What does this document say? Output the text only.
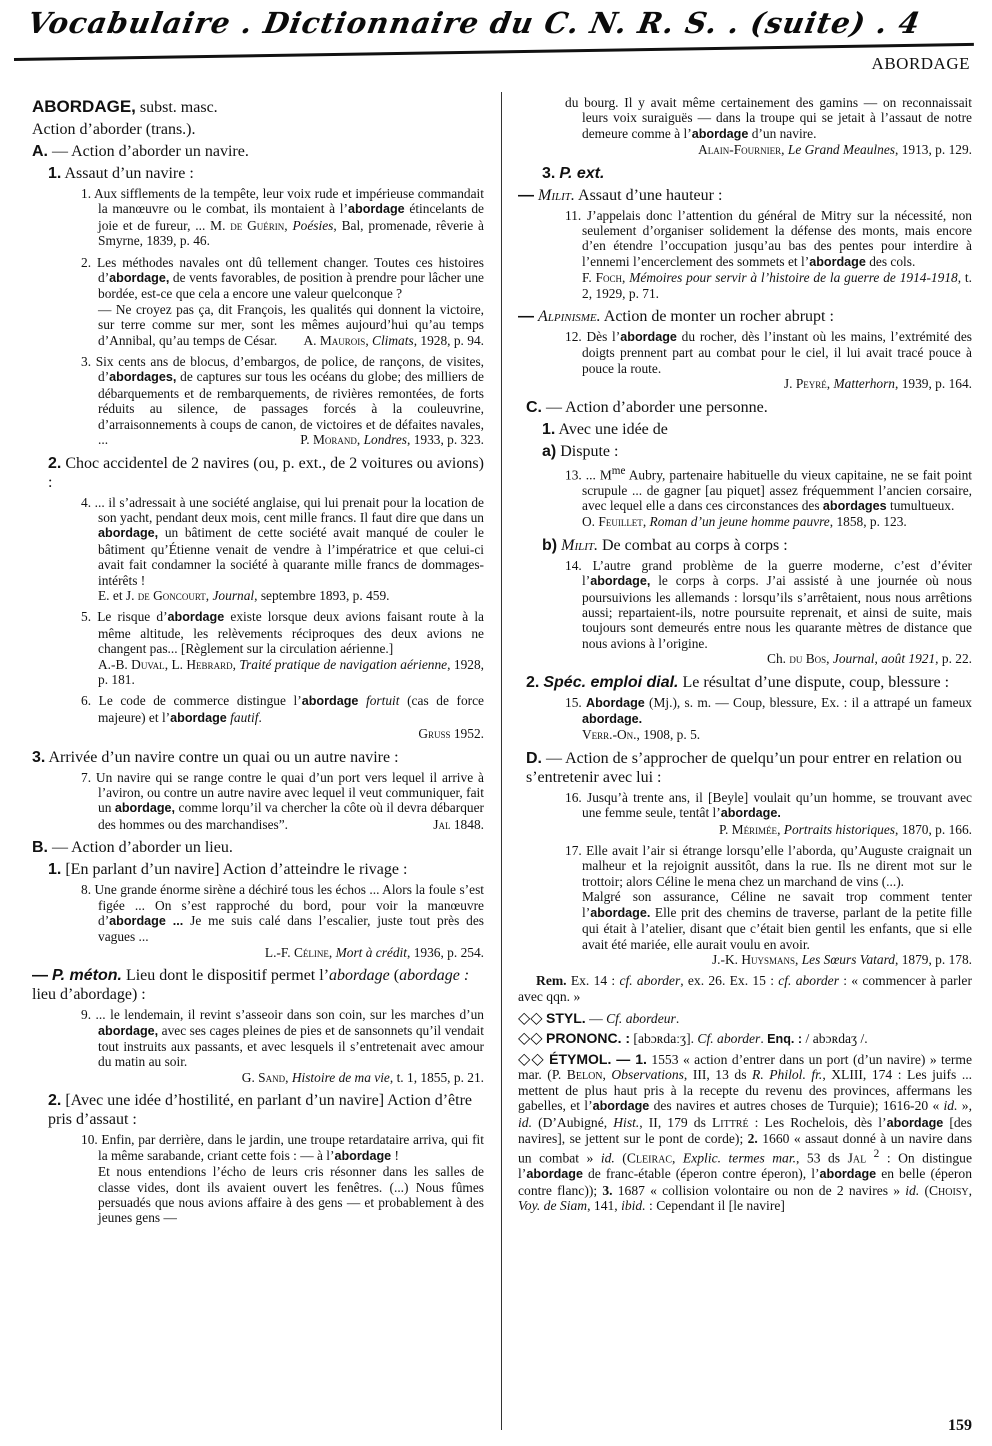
Vocabulaire . Dictionnaire du C. N. R. S. . (suite) . 4
ABORDAGE
ABORDAGE, subst. masc.
Action d’aborder (trans.).
A. — Action d’aborder un navire.
1. Assaut d’un navire :
1. Aux sifflements de la tempête, leur voix rude et impérieuse commandait la manœuvre ou le combat, ils montaient à l’abordage étincelants de joie et de fureur, ... M. de Guérin, Poésies, Bal, promenade, rêverie à Smyrne, 1839, p. 46.
2. Les méthodes navales ont dû tellement changer. Toutes ces histoires d’abordage, de vents favorables, de position à prendre pour lâcher une bordée, est-ce que cela a encore une valeur quelconque ?
— Ne croyez pas ça, dit François, les qualités qui donnent la victoire, sur terre comme sur mer, sont les mêmes aujourd’hui qu’au temps d’Annibal, qu’au temps de César. A. Maurois, Climats, 1928, p. 94.
3. Six cents ans de blocus, d’embargos, de police, de rançons, de visites, d’abordages, de captures sur tous les océans du globe; des milliers de débarquements et de rembarquements, de rivières remontées, de forts réduits au silence, de passages forcés à la couleuvrine, d’arraisonnements à coups de canon, de victoires et de défaites navales, ...	P. Morand, Londres, 1933, p. 323.
2. Choc accidentel de 2 navires (ou, p. ext., de 2 voitures ou avions) :
4. ... il s’adressait à une société anglaise, qui lui prenait pour la location de son yacht, pendant deux mois, cent mille francs. Il faut dire que dans un abordage, un bâtiment de cette société avait manqué de couler le bâtiment qu’Étienne venait de vendre à l’impératrice et que celui-ci avait fait condamner la société à quarante mille francs de dommages-intérêts !
E. et J. de Goncourt, Journal, septembre 1893, p. 459.
5. Le risque d’abordage existe lorsque deux avions faisant route à la même altitude, les relèvements réciproques des deux avions ne changent pas... [Règlement sur la circulation aérienne.]
A.-B. Duval, L. Hebrard, Traité pratique de navigation aérienne, 1928, p. 181.
6. Le code de commerce distingue l’abordage fortuit (cas de force majeure) et l’abordage fautif.
Gruss 1952.
3. Arrivée d’un navire contre un quai ou un autre navire :
7. Un navire qui se range contre le quai d’un port vers lequel il arrive à l’aviron, ou contre un autre navire avec lequel il veut communiquer, fait un abordage, comme lorqu’il va chercher la côte où il devra débarquer des hommes ou des marchandises”.	Jal 1848.
B. — Action d’aborder un lieu.
1. [En parlant d’un navire] Action d’atteindre le rivage :
8. Une grande énorme sirène a déchiré tous les échos ... Alors la foule s’est figée ... On s’est rapproché du bord, pour voir la manœuvre d’abordage ... Je me suis calé dans l’escalier, juste tout près des vagues ...
L.-F. Céline, Mort à crédit, 1936, p. 254.
— P. méton. Lieu dont le dispositif permet l’abordage (abordage : lieu d’abordage) :
9. ... le lendemain, il revint s’asseoir dans son coin, sur les marches d’un abordage, avec ses cages pleines de pies et de sansonnets qu’il vendait tout instruits aux passants, et avec lesquels il s’entretenait avec amour du matin au soir.
G. Sand, Histoire de ma vie, t. 1, 1855, p. 21.
2. [Avec une idée d’hostilité, en parlant d’un navire] Action d’être pris d’assaut :
10. Enfin, par derrière, dans le jardin, une troupe retardataire arriva, qui fit la même sarabande, criant cette fois : — à l’abordage !
Et nous entendions l’écho de leurs cris résonner dans les salles de classe vides, dont ils avaient ouvert les fenêtres. (...) Nous fûmes persuadés que nous avions affaire à des gens — et probablement à des jeunes gens —
du bourg. Il y avait même certainement des gamins — on reconnaissait leurs voix suraiguës — dans la troupe qui se jetait à l’assaut de notre demeure comme à l’abordage d’un navire.
Alain-Fournier, Le Grand Meaulnes, 1913, p. 129.
3. P. ext.
— Milit. Assaut d’une hauteur :
11. J’appelais donc l’attention du général de Mitry sur la nécessité, non seulement d’organiser solidement la défense des monts, mais encore d’en étendre l’occupation jusqu’au bas des pentes pour interdire à l’ennemi l’encerclement des sommets et l’abordage des cols.
F. Foch, Mémoires pour servir à l’histoire de la guerre de 1914-1918, t. 2, 1929, p. 71.
— Alpinisme. Action de monter un rocher abrupt :
12. Dès l’abordage du rocher, dès l’instant où les mains, l’extrémité des doigts prennent part au combat pour le ciel, il lui avait tracé pouce à pouce la route.
J. Peyré, Matterhorn, 1939, p. 164.
C. — Action d’aborder une personne.
1. Avec une idée de
a) Dispute :
13. ... $M^{me}$ Aubry, partenaire habituelle du vieux capitaine, ne se fait point scrupule ... de gagner [au piquet] assez fréquemment l’ancien corsaire, avec lequel elle a dans ces circonstances des abordages tumultueux.
O. Feuillet, Roman d’un jeune homme pauvre, 1858, p. 123.
b) Milit. De combat au corps à corps :
14. L’autre grand problème de la guerre moderne, c’est d’éviter l’abordage, le corps à corps. J’ai assisté à une journée où nous poursuivions les allemands : lorsqu’ils s’arrêtaient, nous nous arrêtions aussi; repartaient-ils, notre poursuite reprenait, et ainsi de suite, mais toujours sont demeurés entre nous les quarante mètres de distance que nous avions à l’origine.
Ch. du Bos, Journal, août 1921, p. 22.
2. Spéc. emploi dial. Le résultat d’une dispute, coup, blessure :
15. Abordage (Mj.), s. m. — Coup, blessure, Ex. : il a attrapé un fameux abordage.
Verr.-On., 1908, p. 5.
D. — Action de s’approcher de quelqu’un pour entrer en relation ou s’entretenir avec lui :
16. Jusqu’à trente ans, il [Beyle] voulait qu’un homme, se trouvant avec une femme seule, tentât l’abordage.
P. Mérimée, Portraits historiques, 1870, p. 166.
17. Elle avait l’air si étrange lorsqu’elle l’aborda, qu’Auguste craignait un malheur et la rejoignit aussitôt, dans la rue. Ils ne dirent mot sur le trottoir; alors Céline le mena chez un marchand de vins (...).
Malgré son assurance, Céline ne savait trop comment tenter l’abordage. Elle prit des chemins de traverse, parlant de la petite fille qui était à l’atelier, disant que c’était bien gentil les enfants, que si elle avait été mariée, elle aurait voulu en avoir.
J.-K. Huysmans, Les Sœurs Vatard, 1879, p. 178.
Rem. Ex. 14 : cf. aborder, ex. 26. Ex. 15 : cf. aborder : « commencer à parler avec qqn. »
◇◇ STYL. — Cf. abordeur.
◇◇ PRONONC. : [abɔʀdaːʒ]. Cf. aborder. Enq. : / abɔʀdaʒ /.
◇◇ ÉTYMOL. — 1. 1553 « action d’entrer dans un port (d’un navire) » terme mar. (P. Belon, Observations, III, 13 ds R. Philol. fr., XLIII, 174 : Les juifs ... mettent de plus haut pris à la recepte du revenu des provinces, affermans les gabelles, et l’abordage des navires et autres choses de Turquie); 1616-20 « id. », id. (D’Aubigné, Hist., II, 179 ds Littré : Les Rochelois, dès l’abordage [des navires], se jettent sur le pont de corde); 2. 1660 « assaut donné à un navire dans un combat » id. (Cleirac, Explic. termes mar., 53 ds Jal $^2$ : On distingue l’abordage de franc-étable (éperon contre éperon), l’abordage en belle (éperon contre flanc)); 3. 1687 « collision volontaire ou non de 2 navires » id. (Choisy, Voy. de Siam, 141, ibid. : Cependant il [le navire]
159
